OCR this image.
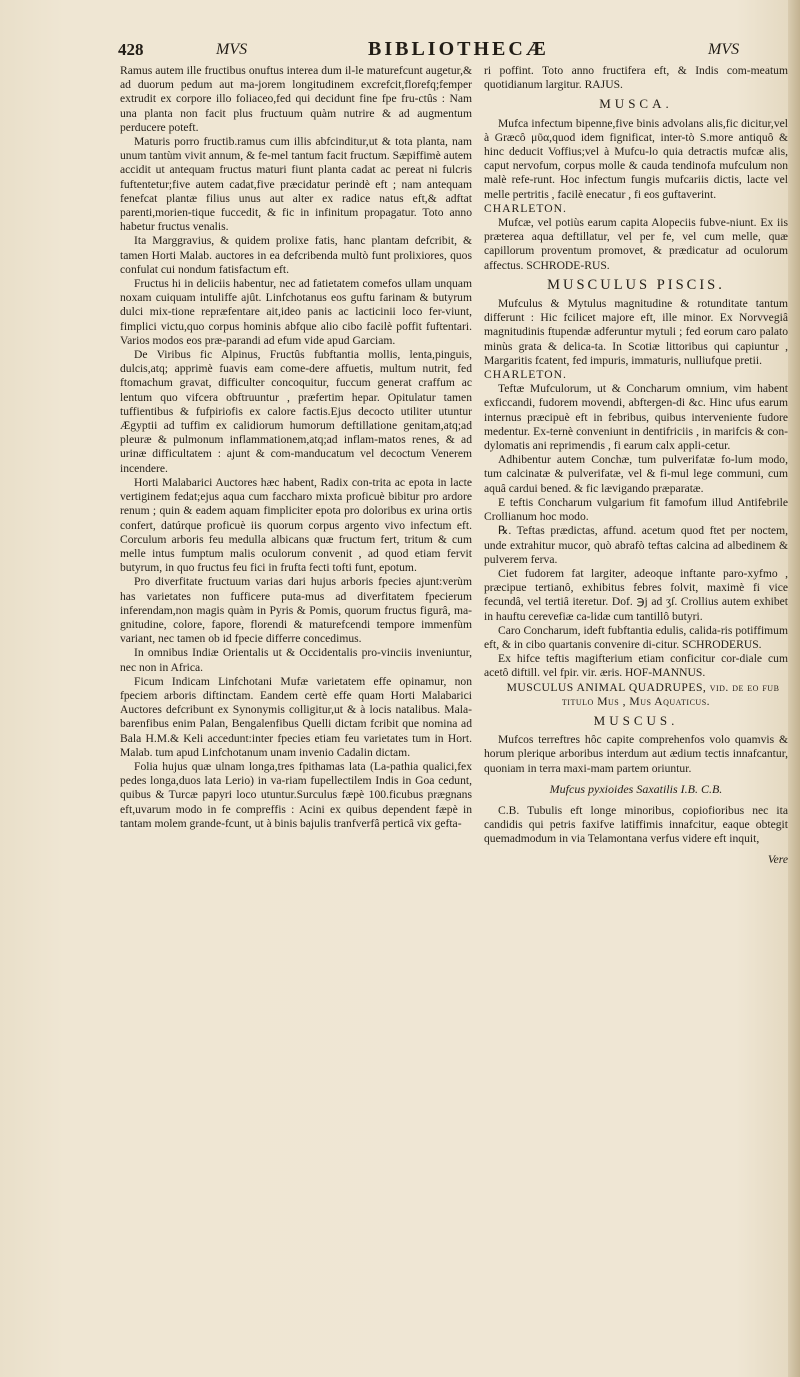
428	MVS	BIBLIOTHECÆ	MVS

Ramus autem ille fructibus onuftus interea dum il-le maturefcunt augetur,& ad duorum pedum aut ma-jorem longitudinem excrefcit,florefq;femper extrudit ex corpore illo foliaceo,fed qui decidunt fine fpe fru-ctûs : Nam una planta non facit plus fructuum quàm nutrire & ad augmentum perducere poteft.

Maturis porro fructib.ramus cum illis abfcinditur,ut & tota planta, nam unum tantùm vivit annum, & fe-mel tantum facit fructum. Sæpiffimè autem accidit ut antequam fructus maturi fiunt planta cadat ac pereat ni fulcris fuftentetur;five autem cadat,five præcidatur perindè eft ; nam antequam fenefcat plantæ filius unus aut alter ex radice natus eft,& adftat parenti,morien-tique fuccedit, & fic in infinitum propagatur. Toto anno habetur fructus venalis.

Ita Marggravius, & quidem prolixe fatis, hanc plantam defcribit, & tamen Horti Malab. auctores in ea defcribenda multò funt prolixiores, quos confulat cui nondum fatisfactum eft.

Fructus hi in deliciis habentur, nec ad fatietatem comefos ullam unquam noxam cuiquam intuliffe ajût. Linfchotanus eos guftu farinam & butyrum dulci mix-tione repræfentare ait,ideo panis ac lacticinii loco fer-viunt, fimplici victu,quo corpus hominis abfque alio cibo facilè poffit fuftentari. Varios modos eos præ-parandi ad efum vide apud Garciam.

De Viribus fic Alpinus, Fructûs fubftantia mollis, lenta,pinguis, dulcis,atq; apprimè fuavis eam come-dere affuetis, multum nutrit, fed ftomachum gravat, difficulter concoquitur, fuccum generat craffum ac lentum quo vifcera obftruuntur , præfertim hepar. Opitulatur tamen tuffientibus & fufpiriofis ex calore factis.Ejus decocto utiliter utuntur Ægyptii ad tuffim ex calidiorum humorum deftillatione genitam,atq;ad pleuræ & pulmonum inflammationem,atq;ad inflam-matos renes, & ad urinæ difficultatem : ajunt & com-manducatum vel decoctum Venerem incendere.

Horti Malabarici Auctores hæc habent, Radix con-trita ac epota in lacte vertiginem fedat;ejus aqua cum faccharo mixta proficuè bibitur pro ardore renum ; quin & eadem aquam fimpliciter epota pro doloribus ex urina ortis confert, datúrque proficuè iis quorum corpus argento vivo infectum eft. Corculum arboris feu medulla albicans quæ fructum fert, tritum & cum melle intus fumptum malis oculorum convenit , ad quod etiam fervit butyrum, in quo fructus feu fici in frufta fecti tofti funt, epotum.

Pro diverfitate fructuum varias dari hujus arboris fpecies ajunt:verùm has varietates non fufficere puta-mus ad diverfitatem fpecierum inferendam,non magis quàm in Pyris & Pomis, quorum fructus figurâ, ma-gnitudine, colore, fapore, florendi & maturefcendi tempore immenfùm variant, nec tamen ob id fpecie differre concedimus.

In omnibus Indiæ Orientalis ut & Occidentalis pro-vinciis inveniuntur, nec non in Africa.

Ficum Indicam Linfchotani Mufæ varietatem effe opinamur, non fpeciem arboris diftinctam. Eandem certè effe quam Horti Malabarici Auctores defcribunt ex Synonymis colligitur,ut & à locis natalibus. Mala-barenfibus enim Palan, Bengalenfibus Quelli dictam fcribit que nomina ad Bala H.M.& Keli accedunt:inter fpecies etiam feu varietates tum in Hort. Malab. tum apud Linfchotanum unam invenio Cadalin dictam.

Folia hujus quæ ulnam longa,tres fpithamas lata (La-pathia qualici,fex pedes longa,duos lata Lerio) in va-riam fupellectilem Indis in Goa cedunt, quibus & Turcæ papyri loco utuntur.Surculus fæpè 100.ficubus prægnans eft,uvarum modo in fe compreffis : Acini ex quibus dependent fæpè in tantam molem grande-fcunt, ut à binis bajulis tranfverfâ perticâ vix gefta-

ri poffint. Toto anno fructifera eft, & Indis com-meatum quotidianum largitur. RAJUS.

MUSCA.

Mufca infectum bipenne,five binis advolans alis,fic dicitur,vel à Græcô μῦα,quod idem fignificat, inter-tò S.more antiquô & hinc deducit Voffius;vel à Mufcu-lo quia detractis mufcæ alis, caput nervofum, corpus molle & cauda tendinofa mufculum non malè refe-runt. Hoc infectum fungis mufcariis dictis, lacte vel melle pertritis , facilè enecatur , fi eos guftaverint.

CHARLETON.

Mufcæ, vel potiùs earum capita Alopeciis fubve-niunt. Ex iis præterea aqua deftillatur, vel per fe, vel cum melle, quæ capillorum proventum promovet, & prædicatur ad oculorum affectus. SCHRODE-RUS.

MUSCULUS PISCIS.

Mufculus & Mytulus magnitudine & rotunditate tantum differunt : Hic fcilicet majore eft, ille minor. Ex Norvvegiâ magnitudinis ftupendæ adferuntur mytuli ; fed eorum caro palato minùs grata & delica-ta. In Scotiæ littoribus qui capiuntur , Margaritis fcatent, fed impuris, immaturis, nulliufque pretii.

CHARLETON.

Teftæ Mufculorum, ut & Concharum omnium, vim habent exficcandi, fudorem movendi, abftergen-di &c. Hinc ufus earum internus præcipuè eft in febribus, quibus interveniente fudore medentur. Ex-ternè conveniunt in dentifriciis , in marifcis & con-dylomatis ani reprimendis , fi earum calx appli-cetur.

Adhibentur autem Conchæ, tum pulverifatæ fo-lum modo, tum calcinatæ & pulverifatæ, vel & fi-mul lege communi, cum aquâ cardui bened. & fic lævigando præparatæ.

E teftis Concharum vulgarium fit famofum illud Antifebrile Crollianum hoc modo.

℞. Teftas prædictas, affund. acetum quod ftet per noctem, unde extrahitur mucor, quò abrafò teftas calcina ad albedinem & pulverem ferva.

Ciet fudorem fat largiter, adeoque inftante paro-xyfmo , præcipue tertianô, exhibitus febres folvit, maximè fi vice fecundâ, vel tertiâ iteretur. Dof. ℈j ad ʒſ. Crollius autem exhibet in hauftu cerevefiæ ca-lidæ cum tantillô butyri.

Caro Concharum, ideft fubftantia edulis, calida-ris potiffimum eft, & in cibo quartanis convenire di-citur. SCHRODERUS.

Ex hifce teftis magifterium etiam conficitur cor-diale cum acetô diftill. vel fpir. vir. æris. HOF-MANNUS.

MUSCULUS ANIMAL QUADRUPES, vid. de eo fub titulo Mus , Mus Aquaticus.

MUSCUS.

Mufcos terreftres hôc capite comprehenfos volo quamvis & horum plerique arboribus interdum aut ædium tectis innafcantur, quoniam in terra maxi-mam partem oriuntur.

Mufcus pyxioides Saxatilis I.B. C.B.

C.B. Tubulis eft longe minoribus, copiofioribus nec ita candidis qui petris faxifve latiffimis innafcitur, eaque obtegit quemadmodum in via Telamontana verfus videre eft inquit,

Vere
